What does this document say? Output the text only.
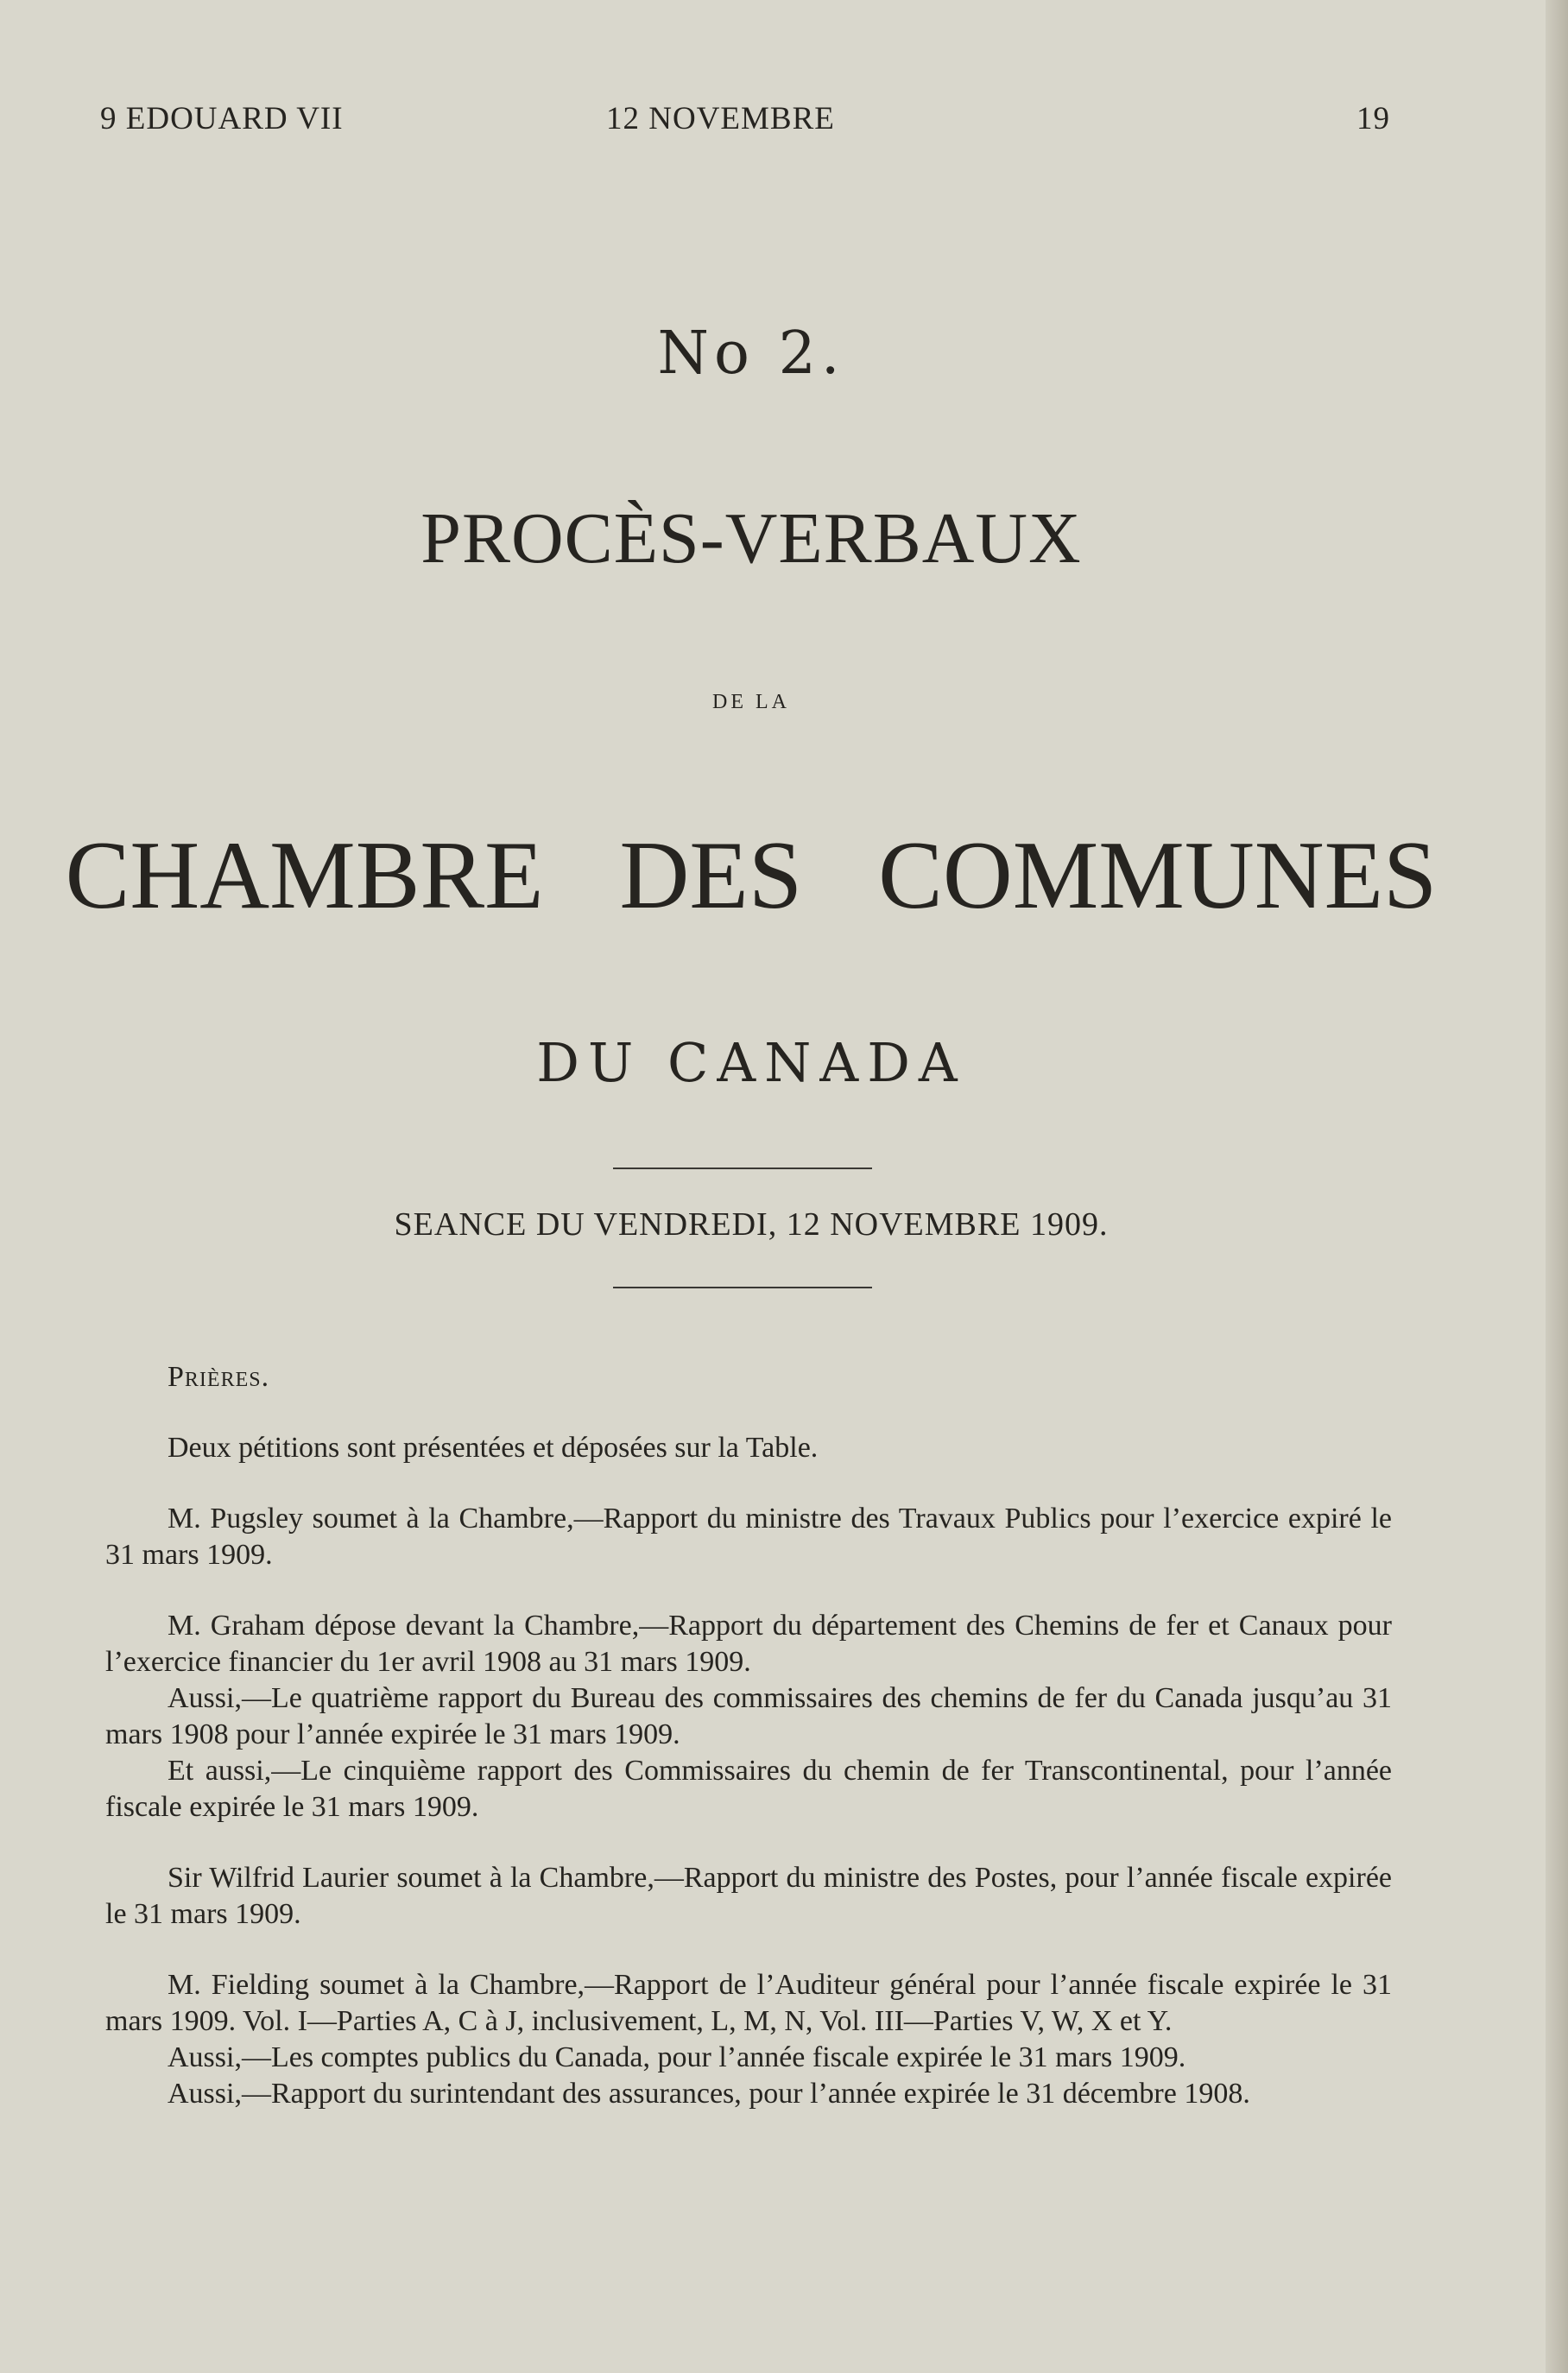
9 EDOUARD VII	12 NOVEMBRE	19
No 2.
PROCÈS-VERBAUX
DE LA
CHAMBRE DES COMMUNES
DU CANADA
SEANCE DU VENDREDI, 12 NOVEMBRE 1909.

Prières.

Deux pétitions sont présentées et déposées sur la Table.

M. Pugsley soumet à la Chambre,—Rapport du ministre des Travaux Publics pour l’exercice expiré le 31 mars 1909.

M. Graham dépose devant la Chambre,—Rapport du département des Chemins de fer et Canaux pour l’exercice financier du 1er avril 1908 au 31 mars 1909.

Aussi,—Le quatrième rapport du Bureau des commissaires des chemins de fer du Canada jusqu’au 31 mars 1908 pour l’année expirée le 31 mars 1909.

Et aussi,—Le cinquième rapport des Commissaires du chemin de fer Transcontinental, pour l’année fiscale expirée le 31 mars 1909.

Sir Wilfrid Laurier soumet à la Chambre,—Rapport du ministre des Postes, pour l’année fiscale expirée le 31 mars 1909.

M. Fielding soumet à la Chambre,—Rapport de l’Auditeur général pour l’année fiscale expirée le 31 mars 1909. Vol. I—Parties A, C à J, inclusivement, L, M, N, Vol. III—Parties V, W, X et Y.

Aussi,—Les comptes publics du Canada, pour l’année fiscale expirée le 31 mars 1909.

Aussi,—Rapport du surintendant des assurances, pour l’année expirée le 31 décembre 1908.
